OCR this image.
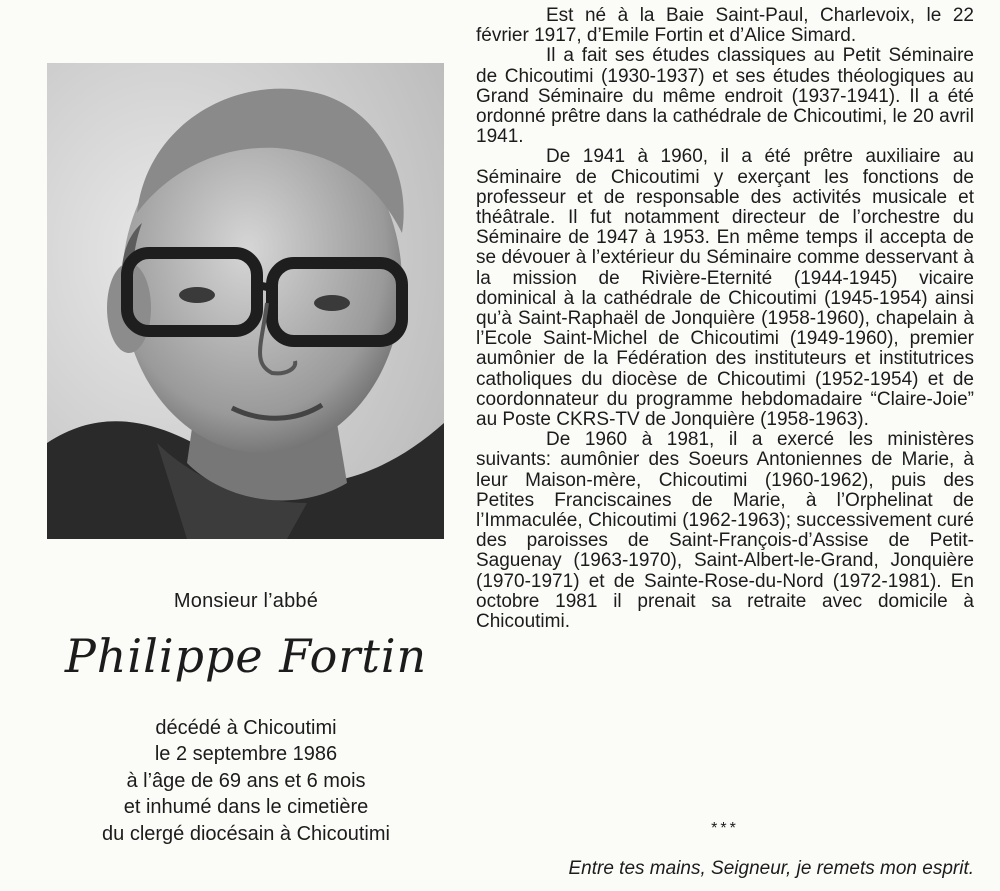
Monsieur l’abbé
Philippe Fortin
décédé à Chicoutimi
le 2 septembre 1986
à l’âge de 69 ans et 6 mois
et inhumé dans le cimetière
du clergé diocésain à Chicoutimi

Est né à la Baie Saint-Paul, Charlevoix, le 22 février 1917, d’Emile Fortin et d’Alice Simard.

Il a fait ses études classiques au Petit Séminaire de Chicoutimi (1930-1937) et ses études théologiques au Grand Séminaire du même endroit (1937-1941). Il a été ordonné prêtre dans la cathédrale de Chicoutimi, le 20 avril 1941.

De 1941 à 1960, il a été prêtre auxiliaire au Séminaire de Chicoutimi y exerçant les fonctions de professeur et de responsable des activités musicale et théâtrale. Il fut notamment directeur de l’orchestre du Séminaire de 1947 à 1953. En même temps il accepta de se dévouer à l’extérieur du Séminaire comme desservant à la mission de Rivière-Eternité (1944-1945) vicaire dominical à la cathédrale de Chicoutimi (1945-1954) ainsi qu’à Saint-Raphaël de Jonquière (1958-1960), chapelain à l’Ecole Saint-Michel de Chicoutimi (1949-1960), premier aumônier de la Fédération des instituteurs et institutrices catholiques du diocèse de Chicoutimi (1952-1954) et de coordonnateur du programme hebdomadaire “Claire-Joie” au Poste CKRS-TV de Jonquière (1958-1963).

De 1960 à 1981, il a exercé les ministères suivants: aumônier des Soeurs Antoniennes de Marie, à leur Maison-mère, Chicoutimi (1960-1962), puis des Petites Franciscaines de Marie, à l’Orphelinat de l’Immaculée, Chicoutimi (1962-1963); successivement curé des paroisses de Saint-François-d’Assise de Petit-Saguenay (1963-1970), Saint-Albert-le-Grand, Jonquière (1970-1971) et de Sainte-Rose-du-Nord (1972-1981). En octobre 1981 il prenait sa retraite avec domicile à Chicoutimi.

***
Entre tes mains, Seigneur, je remets mon esprit.
